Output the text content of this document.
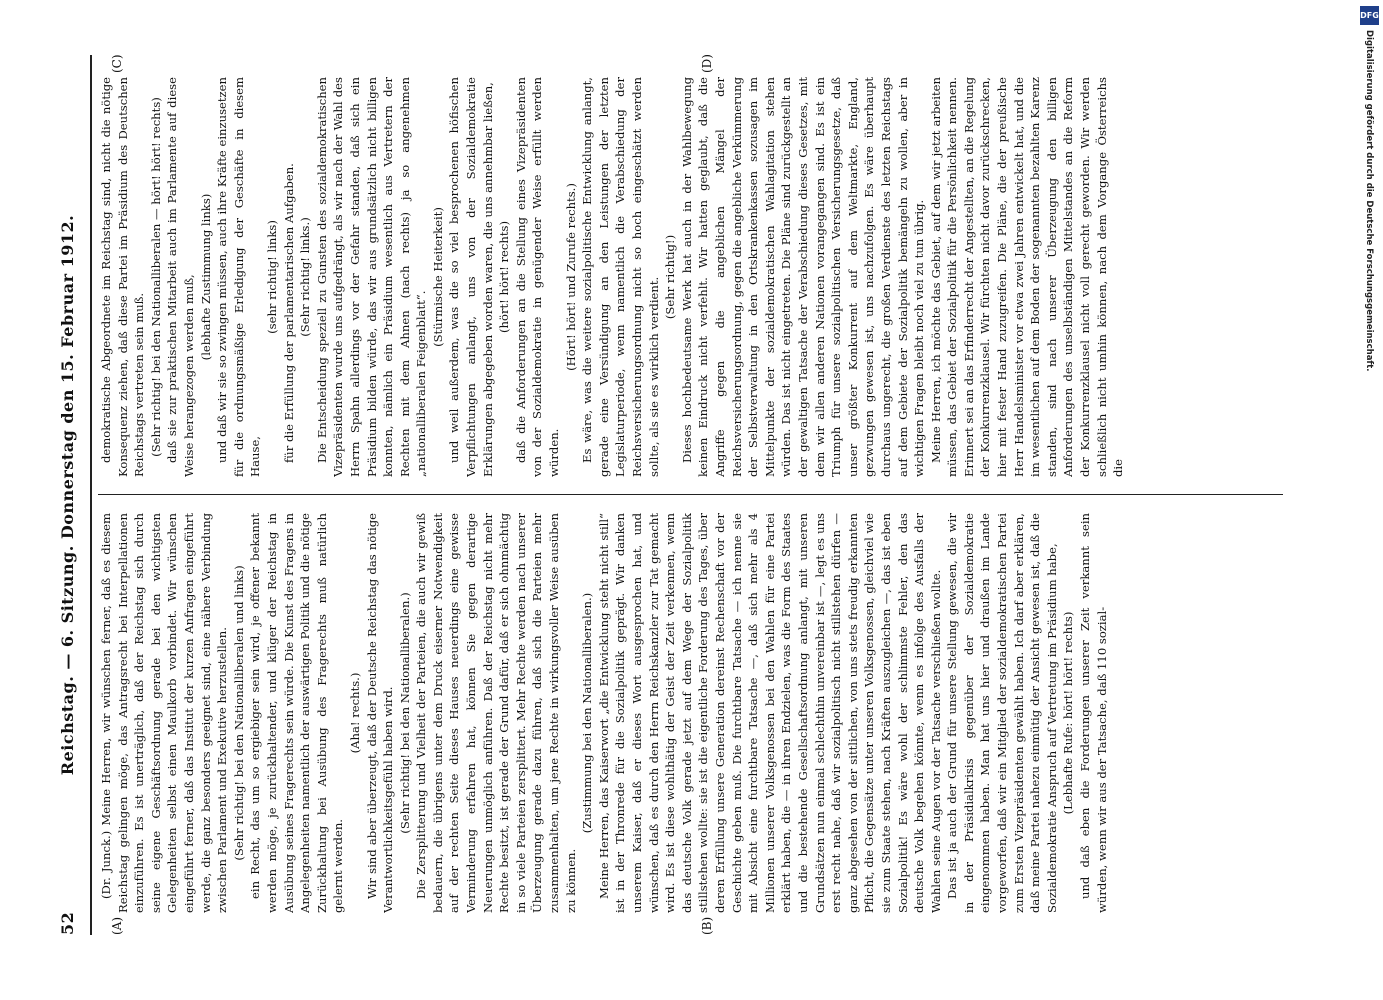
52
Reichstag. — 6. Sitzung. Donnerstag den 15. Februar 1912.
(A)	(B)
(C)	(D)

(Dr. Junck.) Meine Herren, wir wünschen ferner, daß es diesem Reichstag gelingen möge, das Antragsrecht bei Interpellationen einzuführen. Es ist unerträglich, daß der Reichstag sich durch seine eigene Geschäftsordnung gerade bei den wichtigsten Gelegenheiten selbst einen Maulkorb vorbindet. Wir wünschen eingeführt ferner, daß das Institut der kurzen Anfragen eingeführt werde, die ganz besonders geeignet sind, eine nähere Verbindung zwischen Parlament und Exekutive herzustellen. (Sehr richtig! bei den Nationalliberalen und links) ein Recht, das um so ergiebiger sein wird, je offener bekannt werden möge, je zurückhaltender, und klüger der Reichstag in Ausübung seines Fragerechts sein würde. Die Kunst des Fragens in Angelegenheiten namentlich der auswärtigen Politik und die nötige Zurückhaltung bei Ausübung des Fragerechts muß natürlich gelernt werden.

(Aha! rechts.) Wir sind aber überzeugt, daß der Deutsche Reichstag das nötige Verantwortlichkeitsgefühl haben wird. (Sehr richtig! bei den Nationalliberalen.) Die Zersplitterung und Vielheit der Parteien, die auch wir gewiß bedauern, die übrigens unter dem Druck eiserner Notwendigkeit auf der rechten Seite dieses Hauses neuerdings eine gewisse Verminderung erfahren hat, können Sie gegen derartige Neuerungen unmöglich anführen. Daß der Reichstag nicht mehr Rechte besitzt, ist gerade der Grund dafür, daß er sich ohnmächtig in so viele Parteien zersplittert. Mehr Rechte werden nach unserer Überzeugung gerade dazu führen, daß sich die Parteien mehr zusammenhalten, um jene Rechte in wirkungsvoller Weise ausüben zu können.

(Zustimmung bei den Nationalliberalen.) Meine Herren, das Kaiserwort „die Entwicklung steht nicht still“ ist in der Thronrede für die Sozialpolitik geprägt. Wir danken unserem Kaiser, daß er dieses Wort ausgesprochen hat, und wünschen, daß es durch den Herrn Reichskanzler zur Tat gemacht wird. Es ist diese wohlthätig der Geist der Zeit verkennen, wenn das deutsche Volk gerade jetzt auf dem Wege der Sozialpolitik stillstehen wollte: sie ist die eigentliche Forderung des Tages, über deren Erfüllung unsere Generation dereinst Rechenschaft vor der Geschichte geben muß. Die furchtbare Tatsache — ich nenne sie mit Absicht eine furchtbare Tatsache —, daß sich mehr als 4 Millionen unserer Volksgenossen bei den Wahlen für eine Partei erklärt haben, die — in ihren Endzielen, was die Form des Staates und die bestehende Gesellschaftsordnung anlangt, mit unseren Grundsätzen nun einmal schlechthin unvereinbar ist —, legt es uns erst recht nahe, daß wir sozialpolitisch nicht stillstehen dürfen — ganz abgesehen von der sittlichen, von uns stets freudig erkannten Pflicht, die Gegensätze unter unseren Volksgenossen, gleichviel wie sie zum Staate stehen, nach Kräften auszugleichen —, das ist eben Sozialpolitik! Es wäre wohl der schlimmste Fehler, den das deutsche Volk begehen könnte, wenn es infolge des Ausfalls der Wahlen seine Augen vor der Tatsache verschließen wollte. Das ist ja auch der Grund für unsere Stellung gewesen, die wir in der Präsidialkrisis gegenüber der Sozialdemokratie eingenommen haben. Man hat uns hier und draußen im Lande vorgeworfen, daß wir ein Mitglied der sozialdemokratischen Partei zum Ersten Vizepräsidenten gewählt haben. Ich darf aber erklären, daß meine Partei nahezu einmütig der Ansicht gewesen ist, daß die Sozialdemokratie Anspruch auf Vertretung im Präsidium habe, (Lebhafte Rufe: hört! hört! rechts) und daß eben die Forderungen unserer Zeit verkannt sein würden, wenn wir aus der Tatsache, daß 110 sozial-

demokratische Abgeordnete im Reichstag sind, nicht die nötige Konsequenz ziehen, daß diese Partei im Präsidium des Deutschen Reichstags vertreten sein muß. (Sehr richtig! bei den Nationalliberalen — hört! hört! rechts) daß sie zur praktischen Mitarbeit auch im Parlamente auf diese Weise herangezogen werden muß, (lebhafte Zustimmung links) und daß wir sie so zwingen müssen, auch ihre Kräfte einzusetzen für die ordnungsmäßige Erledigung der Geschäfte in diesem Hause,

(sehr richtig! links) für die Erfüllung der parlamentarischen Aufgaben. (Sehr richtig! links.) Die Entscheidung speziell zu Gunsten des sozialdemokratischen Vizepräsidenten wurde uns aufgedrängt, als wir nach der Wahl des Herrn Spahn allerdings vor der Gefahr standen, daß sich ein Präsidium bilden würde, das wir aus grundsätzlich nicht billigen konnten, nämlich ein Präsidium wesentlich aus Vertretern der Rechten mit dem Ahnen (nach rechts) ja so angenehmen „nationalliberalen Feigenblatt“.

(Stürmische Heiterkeit) und weil außerdem, was die so viel besprochenen höfischen Verpflichtungen anlangt, uns von der Sozialdemokratie Erklärungen abgegeben worden waren, die uns annehmbar ließen, (hört! hört! rechts) daß die Anforderungen an die Stellung eines Vizepräsidenten von der Sozialdemokratie in genügender Weise erfüllt werden würden.

(Hört! hört! und Zurufe rechts.) Es wäre, was die weitere sozialpolitische Entwicklung anlangt, gerade eine Versündigung an den Leistungen der letzten Legislaturperiode, wenn namentlich die Verabschiedung der Reichsversicherungsordnung nicht so hoch eingeschätzt werden sollte, als sie es wirklich verdient. (Sehr richtig!) Dieses hochbedeutsame Werk hat auch in der Wahlbewegung keinen Eindruck nicht verfehlt. Wir hatten geglaubt, daß die Angriffe gegen die angeblichen Mängel der Reichsversicherungsordnung, gegen die angebliche Verkümmerung der Selbstverwaltung in den Ortskrankenkassen sozusagen im Mittelpunkte der sozialdemokratischen Wahlagitation stehen würden. Das ist nicht eingetreten. Die Pläne sind zurückgestellt an der gewaltigen Tatsache der Verabschiedung dieses Gesetzes, mit dem wir allen anderen Nationen vorangegangen sind. Es ist ein Triumph für unsere sozialpolitischen Versicherungsgesetze, daß unser größter Konkurrent auf dem Weltmarkte, England, gezwungen gewesen ist, uns nachzufolgen. Es wäre überhaupt durchaus ungerecht, die großen Verdienste des letzten Reichstags auf dem Gebiete der Sozialpolitik bemängeln zu wollen, aber in wichtigen Fragen bleibt noch viel zu tun übrig. Meine Herren, ich möchte das Gebiet, auf dem wir jetzt arbeiten müssen, das Gebiet der Sozialpolitik für die Persönlichkeit nennen. Erinnert sei an das Erfinderrecht der Angestellten, an die Regelung der Konkurrenzklausel. Wir fürchten nicht davor zurückschrecken, hier mit fester Hand zuzugreifen. Die Pläne, die der preußische Herr Handelsminister vor etwa zwei Jahren entwickelt hat, und die im wesentlichen auf dem Boden der sogenannten bezahlten Karenz standen, sind nach unserer Überzeugung den billigen Anforderungen des unselbständigen Mittelstandes an die Reform der Konkurrenzklausel nicht voll gerecht geworden. Wir werden schließlich nicht umhin können, nach dem Vorgange Österreichs die

DFG
Digitalisierung gefördert durch die Deutsche Forschungsgemeinschaft.
